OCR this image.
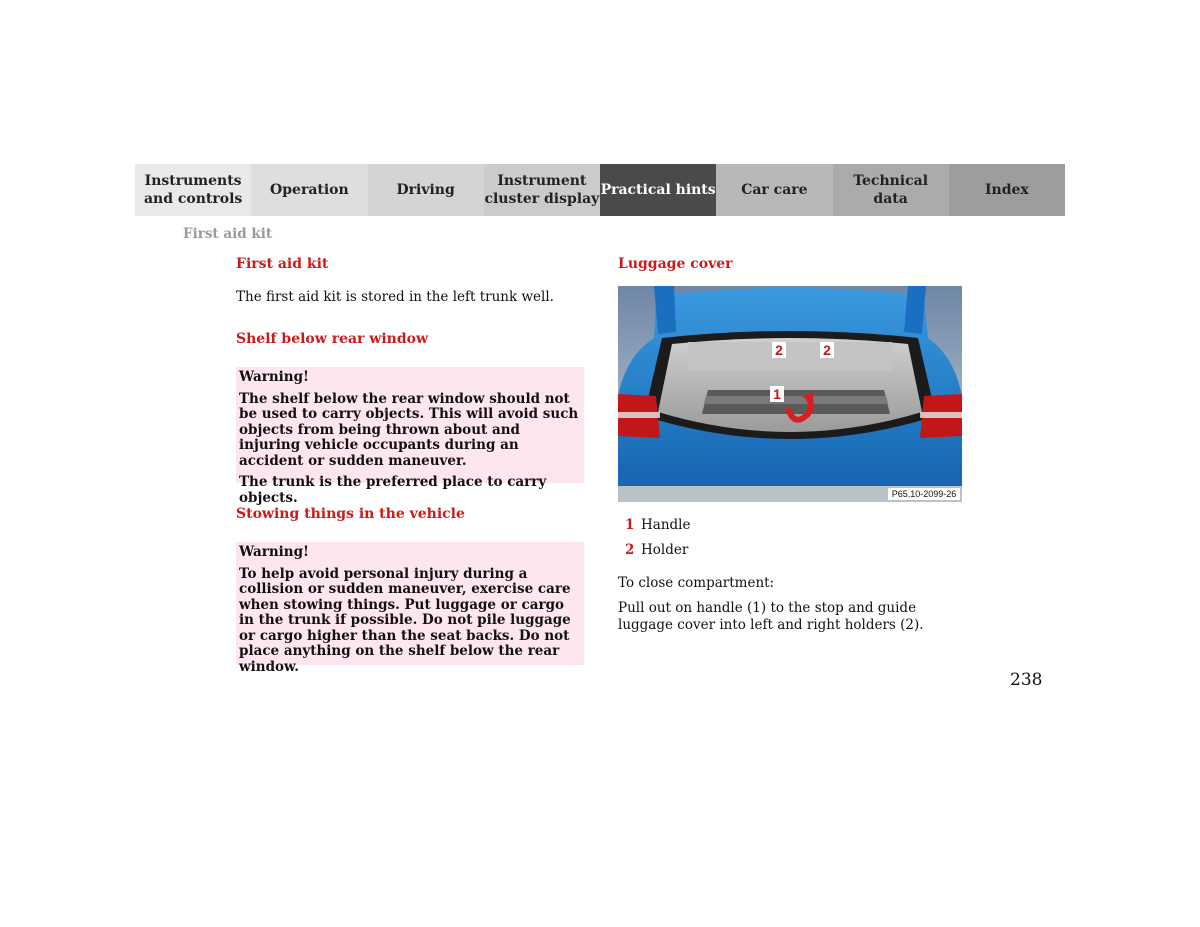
Instruments
and controls
Operation	Driving
Instrument
cluster display
Practical hints	Car care
Technical
data
Index
First aid kit
First aid kit
The first aid kit is stored in the left trunk well.
Shelf below rear window
Warning!
The shelf below the rear window should not be used to carry objects. This will avoid such objects from being thrown about and injuring vehicle occupants during an accident or sudden maneuver.
The trunk is the preferred place to carry objects.
Stowing things in the vehicle
Warning!
To help avoid personal injury during a collision or sudden maneuver, exercise care when stowing things. Put luggage or cargo in the trunk if possible. Do not pile luggage or cargo higher than the seat backs. Do not place anything on the shelf below the rear window.
Luggage cover
2	2
1
P65.10-2099-26
1 Handle
2 Holder
To close compartment:
Pull out on handle (1) to the stop and guide luggage cover into left and right holders (2).
238
